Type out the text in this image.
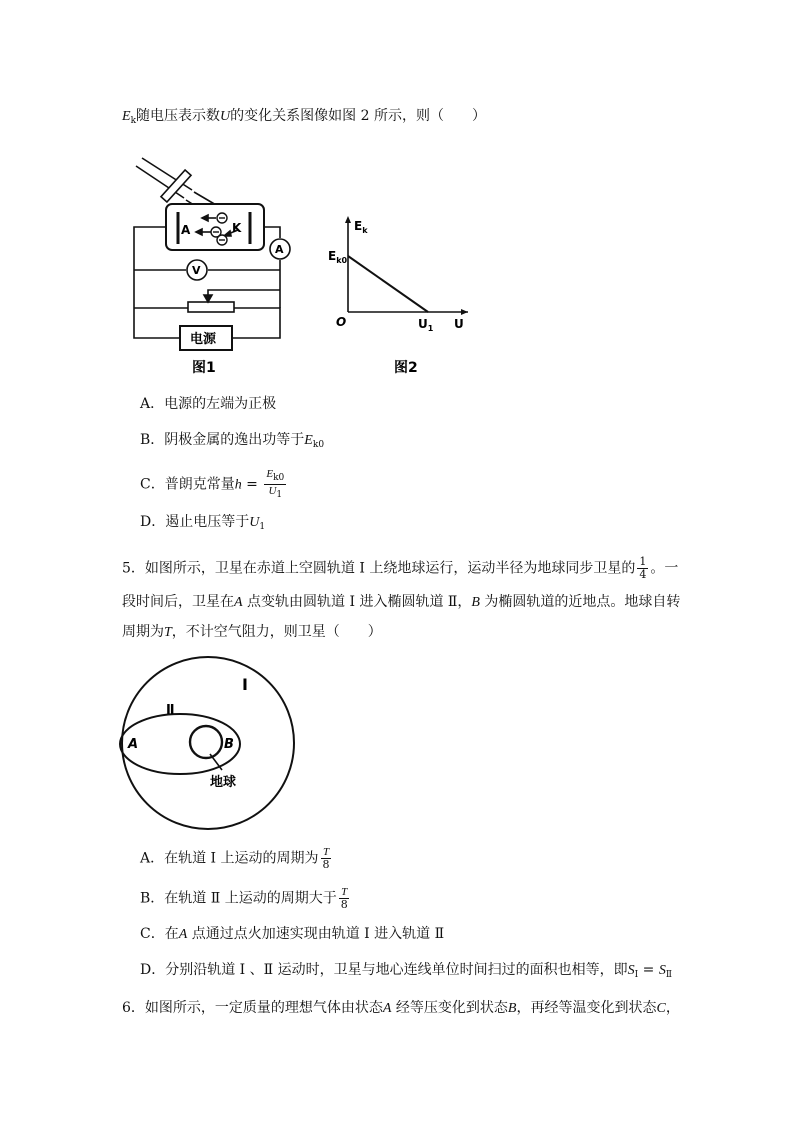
$E_k$随电压表示数U的变化关系图像如图 2 所示，则（　　）
A	K
A
V
电源
图1
$E_k$
$E_{k0}$
O	$U_1$ U
图2
A．电源的左端为正极
B．阴极金属的逸出功等于$E_{k0}$
C．普朗克常量$h = \frac{E_{k0}}{U_1}$
D．遏止电压等于$U_1$
5．如图所示，卫星在赤道上空圆轨道 Ⅰ 上绕地球运行，运动半径为地球同步卫星的 $\frac{1}{4}$ 。一
段时间后，卫星在A 点变轨由圆轨道 Ⅰ 进入椭圆轨道 Ⅱ，B 为椭圆轨道的近地点。地球自转
周期为T，不计空气阻力，则卫星（　　）
Ⅰ
Ⅱ
A	B
地球
A．在轨道 Ⅰ 上运动的周期为 $\frac{T}{8}$
B．在轨道 Ⅱ 上运动的周期大于 $\frac{T}{8}$
C．在A 点通过点火加速实现由轨道 Ⅰ 进入轨道 Ⅱ
D．分别沿轨道 Ⅰ 、Ⅱ 运动时，卫星与地心连线单位时间扫过的面积也相等，即$S_Ⅰ = S_Ⅱ$
6．如图所示，一定质量的理想气体由状态A 经等压变化到状态B，再经等温变化到状态C，
